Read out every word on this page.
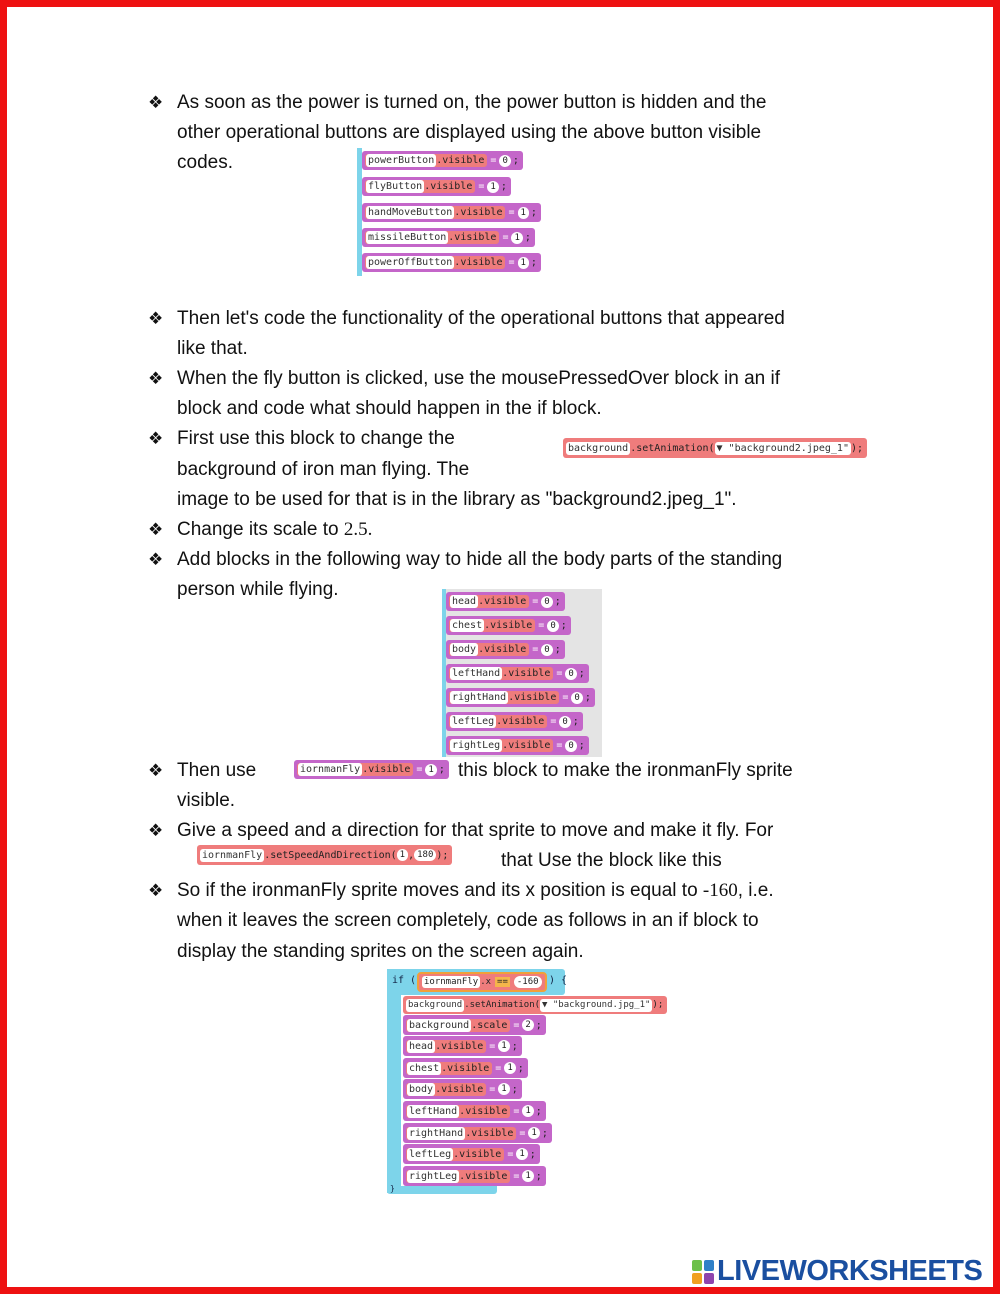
❖ As soon as the power is turned on, the power button is hidden and the
other operational buttons are displayed using the above button visible
codes.	powerButton .visible = 0 ;
flyButton .visible = 1 ;
handMoveButton .visible = 1 ;
missileButton .visible = 1 ;
powerOffButton .visible = 1 ;
❖ Then let's code the functionality of the operational buttons that appeared
like that.
❖ When the fly button is clicked, use the mousePressedOver block in an if
block and code what should happen in the if block.
❖ First use this block to change the
background of iron man flying. The
image to be used for that is in the library as "background2.jpeg_1".
background .setAnimation( ▼ "background2.jpeg_1" );
❖ Change its scale to 2.5.
❖ Add blocks in the following way to hide all the body parts of the standing
person while flying.
head .visible = 0 ;
chest .visible = 0 ;
body .visible = 0 ;
leftHand .visible = 0 ;
rightHand .visible = 0 ;
leftLeg .visible = 0 ;
rightLeg .visible = 0 ;
❖ Then use	iornmanFly .visible = 1 ; this block to make the ironmanFly sprite
visible.
❖ Give a speed and a direction for that sprite to move and make it fly. For
iornmanFly .setSpeedAndDirection( 1 , 180 );	that Use the block like this
❖ So if the ironmanFly sprite moves and its x position is equal to -160, i.e.
when it leaves the screen completely, code as follows in an if block to
display the standing sprites on the screen again.
if ( iornmanFly .x ==	-160	) {
background .setAnimation( ▼ "background.jpg_1" );
background .scale = 2 ;
head .visible = 1 ;
chest .visible = 1 ;
body .visible = 1 ;
leftHand .visible = 1 ;
rightHand .visible = 1 ;
leftLeg .visible = 1 ;
rightLeg .visible = 1 ;
}
LIVEWORKSHEETS
